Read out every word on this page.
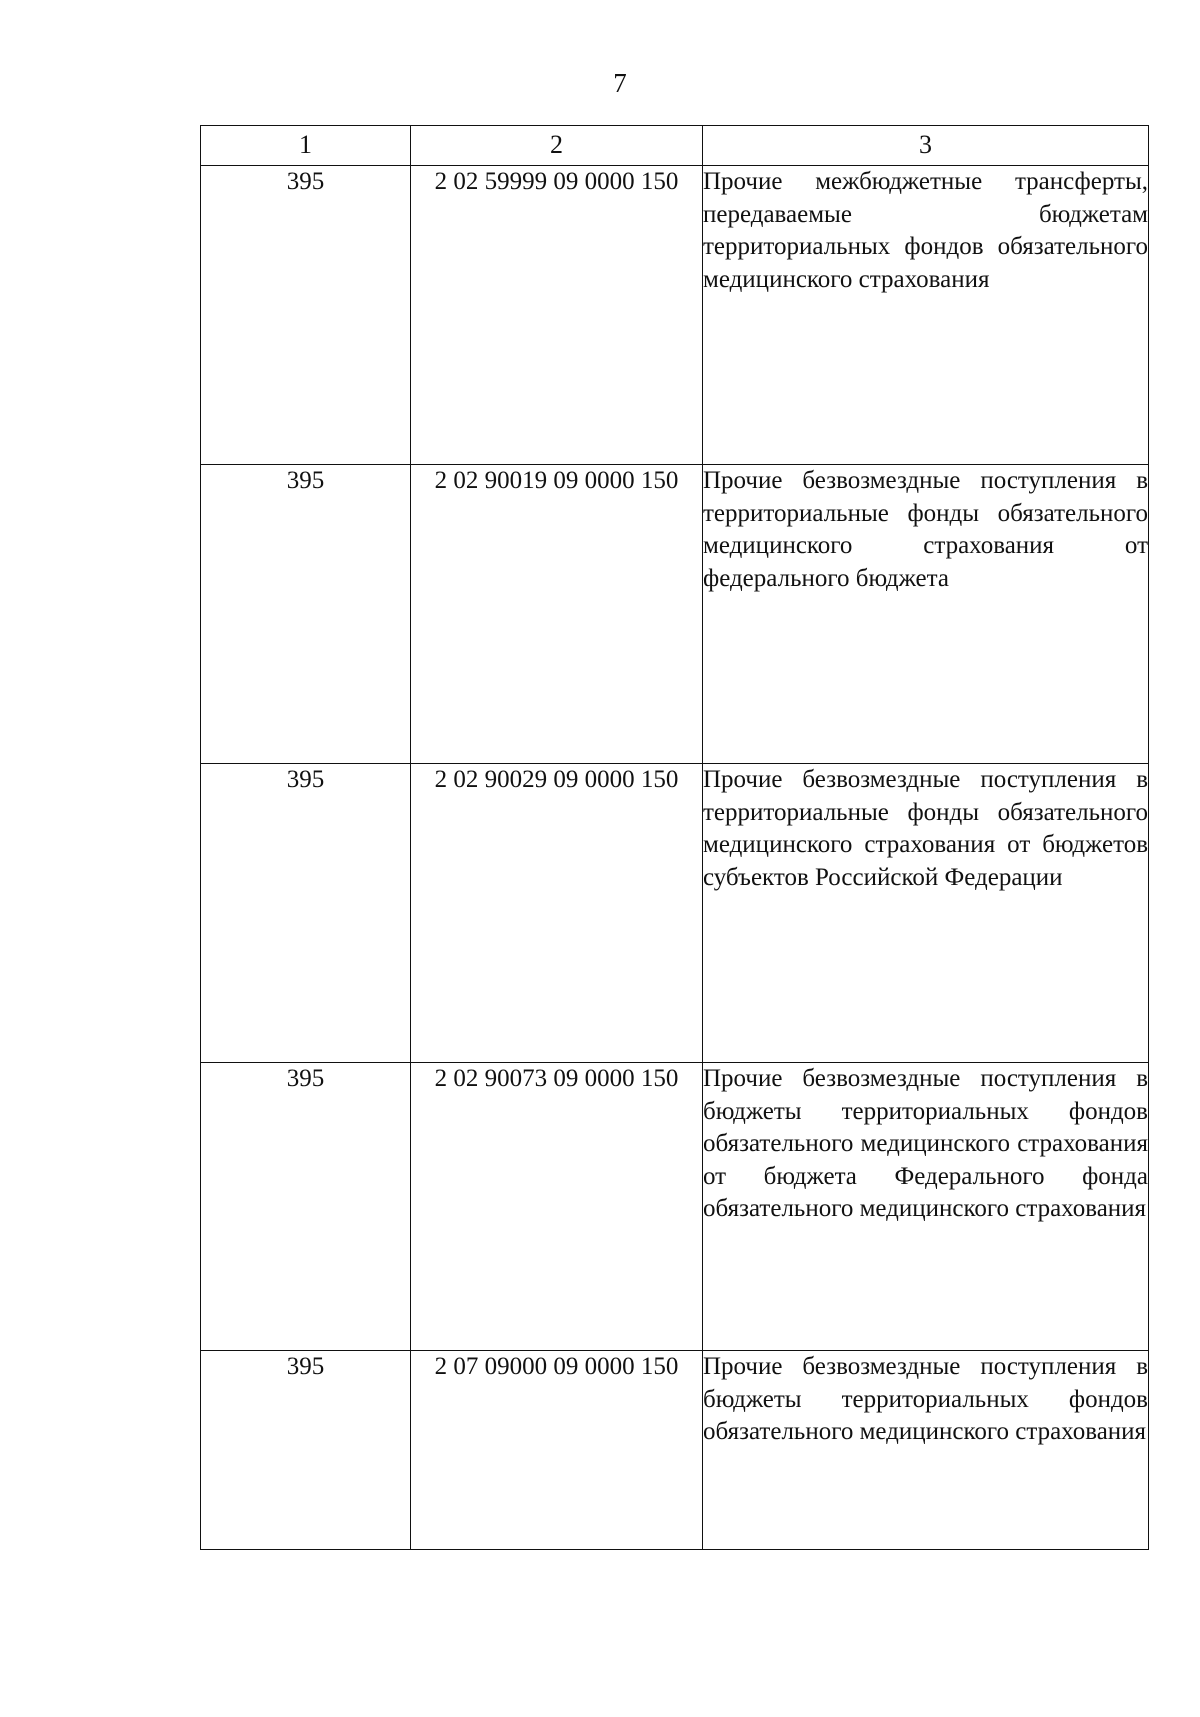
7
1	2	3
395	2 02 59999 09 0000 150	Прочие межбюджетные трансферты, передаваемые бюджетам территориальных фондов обязательного медицинского страхования
395	2 02 90019 09 0000 150	Прочие безвозмездные поступления в территориальные фонды обязательного медицинского страхования от федерального бюджета
395	2 02 90029 09 0000 150	Прочие безвозмездные поступления в территориальные фонды обязательного медицинского страхования от бюджетов субъектов Российской Федерации
395	2 02 90073 09 0000 150	Прочие безвозмездные поступления в бюджеты территориальных фондов обязательного медицинского страхования от бюджета Федерального фонда обязательного медицинского страхования
395	2 07 09000 09 0000 150	Прочие безвозмездные поступления в бюджеты территориальных фондов обязательного медицинского страхования
